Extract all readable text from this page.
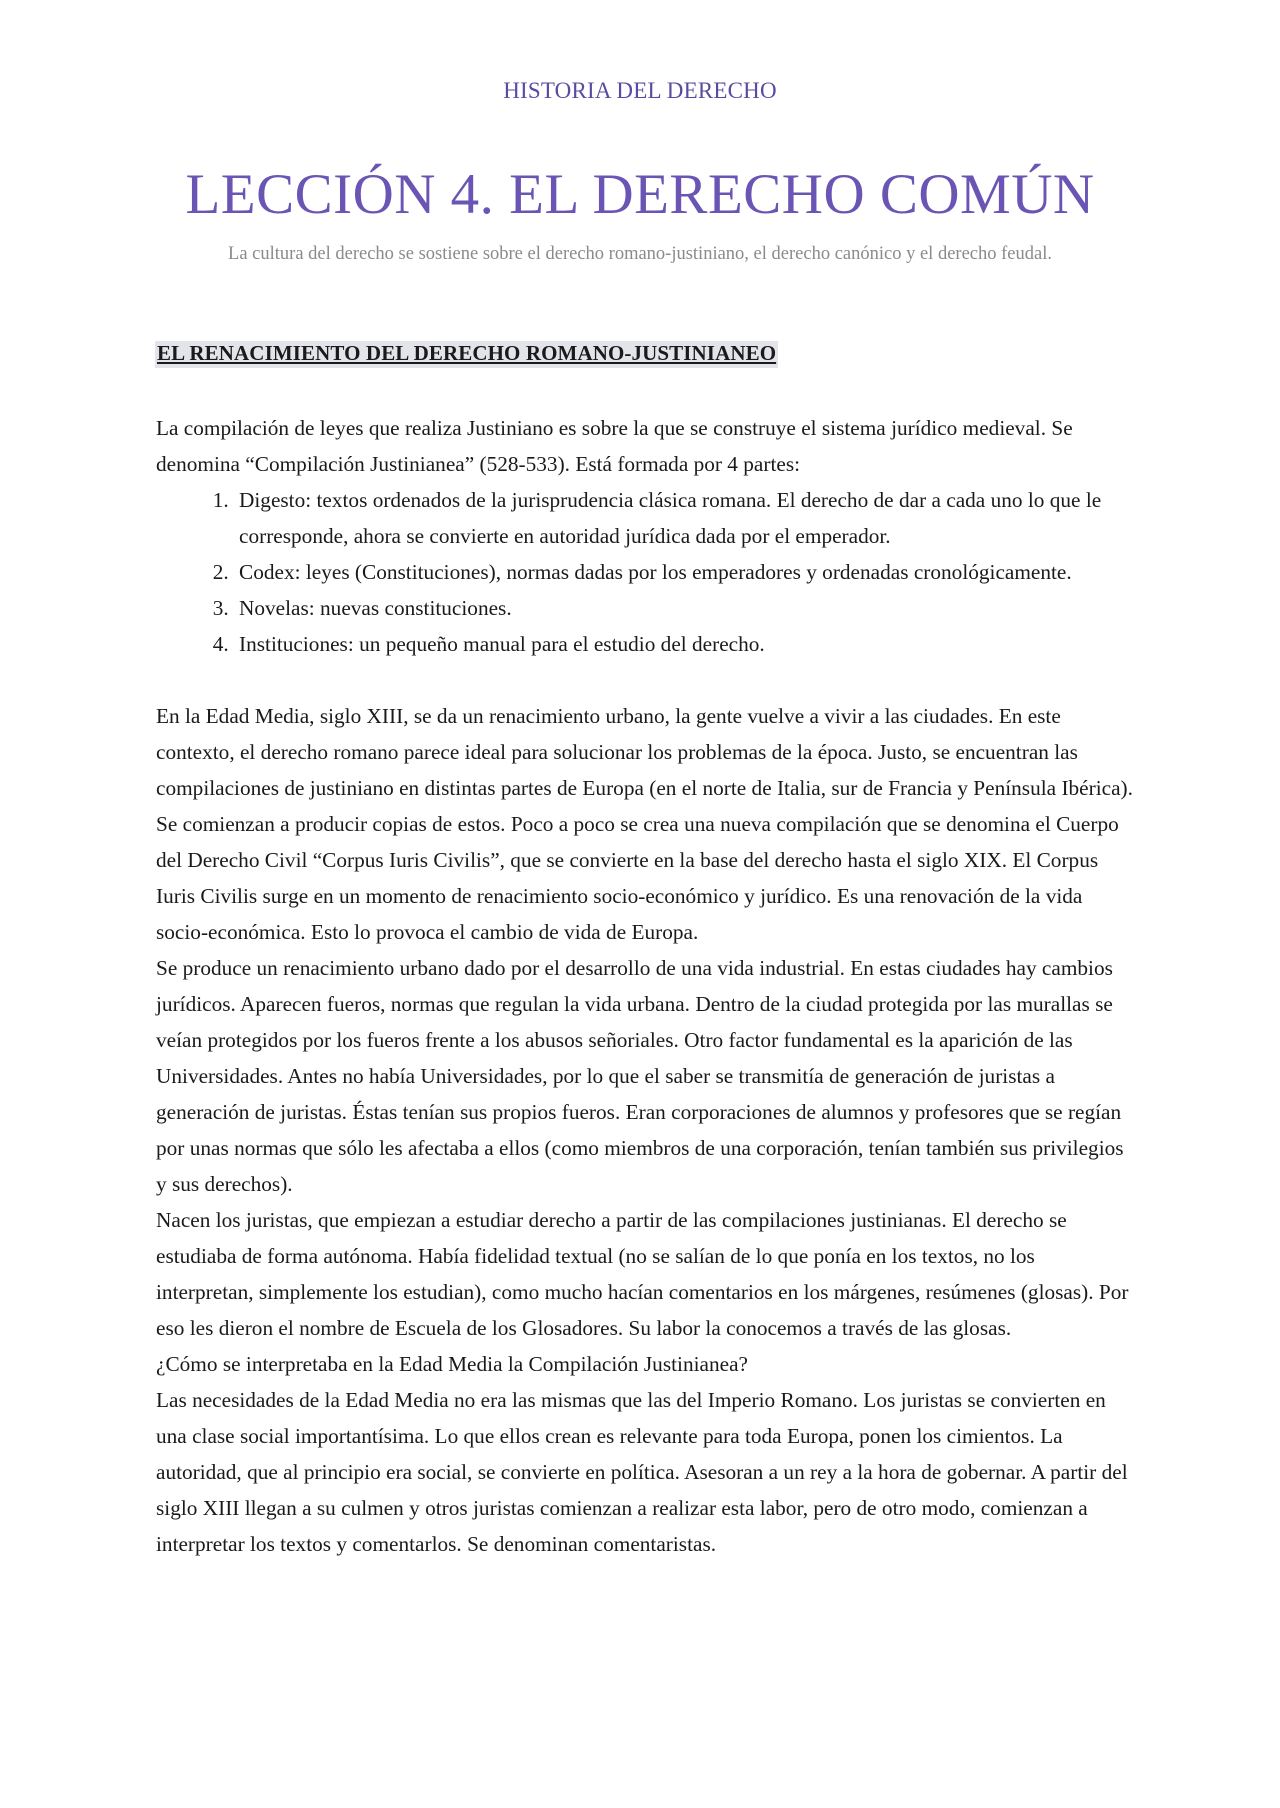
HISTORIA DEL DERECHO
LECCIÓN 4. EL DERECHO COMÚN
La cultura del derecho se sostiene sobre el derecho romano-justiniano, el derecho canónico y el derecho feudal.
EL RENACIMIENTO DEL DERECHO ROMANO-JUSTINIANEO

La compilación de leyes que realiza Justiniano es sobre la que se construye el sistema jurídico medieval. Se denomina “Compilación Justinianea” (528-533). Está formada por 4 partes:

1. Digesto: textos ordenados de la jurisprudencia clásica romana. El derecho de dar a cada uno lo que le corresponde, ahora se convierte en autoridad jurídica dada por el emperador.
2. Codex: leyes (Constituciones), normas dadas por los emperadores y ordenadas cronológicamente.
3. Novelas: nuevas constituciones.
4. Instituciones: un pequeño manual para el estudio del derecho.

En la Edad Media, siglo XIII, se da un renacimiento urbano, la gente vuelve a vivir a las ciudades. En este contexto, el derecho romano parece ideal para solucionar los problemas de la época. Justo, se encuentran las compilaciones de justiniano en distintas partes de Europa (en el norte de Italia, sur de Francia y Península Ibérica). Se comienzan a producir copias de estos. Poco a poco se crea una nueva compilación que se denomina el Cuerpo del Derecho Civil “Corpus Iuris Civilis”, que se convierte en la base del derecho hasta el siglo XIX. El Corpus Iuris Civilis surge en un momento de renacimiento socio-económico y jurídico. Es una renovación de la vida socio-económica. Esto lo provoca el cambio de vida de Europa.

Se produce un renacimiento urbano dado por el desarrollo de una vida industrial. En estas ciudades hay cambios jurídicos. Aparecen fueros, normas que regulan la vida urbana. Dentro de la ciudad protegida por las murallas se veían protegidos por los fueros frente a los abusos señoriales. Otro factor fundamental es la aparición de las Universidades. Antes no había Universidades, por lo que el saber se transmitía de generación de juristas a generación de juristas. Éstas tenían sus propios fueros. Eran corporaciones de alumnos y profesores que se regían por unas normas que sólo les afectaba a ellos (como miembros de una corporación, tenían también sus privilegios y sus derechos).

Nacen los juristas, que empiezan a estudiar derecho a partir de las compilaciones justinianas. El derecho se estudiaba de forma autónoma. Había fidelidad textual (no se salían de lo que ponía en los textos, no los interpretan, simplemente los estudian), como mucho hacían comentarios en los márgenes, resúmenes (glosas). Por eso les dieron el nombre de Escuela de los Glosadores. Su labor la conocemos a través de las glosas.

¿Cómo se interpretaba en la Edad Media la Compilación Justinianea?

Las necesidades de la Edad Media no era las mismas que las del Imperio Romano. Los juristas se convierten en una clase social importantísima. Lo que ellos crean es relevante para toda Europa, ponen los cimientos. La autoridad, que al principio era social, se convierte en política. Asesoran a un rey a la hora de gobernar. A partir del siglo XIII llegan a su culmen y otros juristas comienzan a realizar esta labor, pero de otro modo, comienzan a interpretar los textos y comentarlos. Se denominan comentaristas.
